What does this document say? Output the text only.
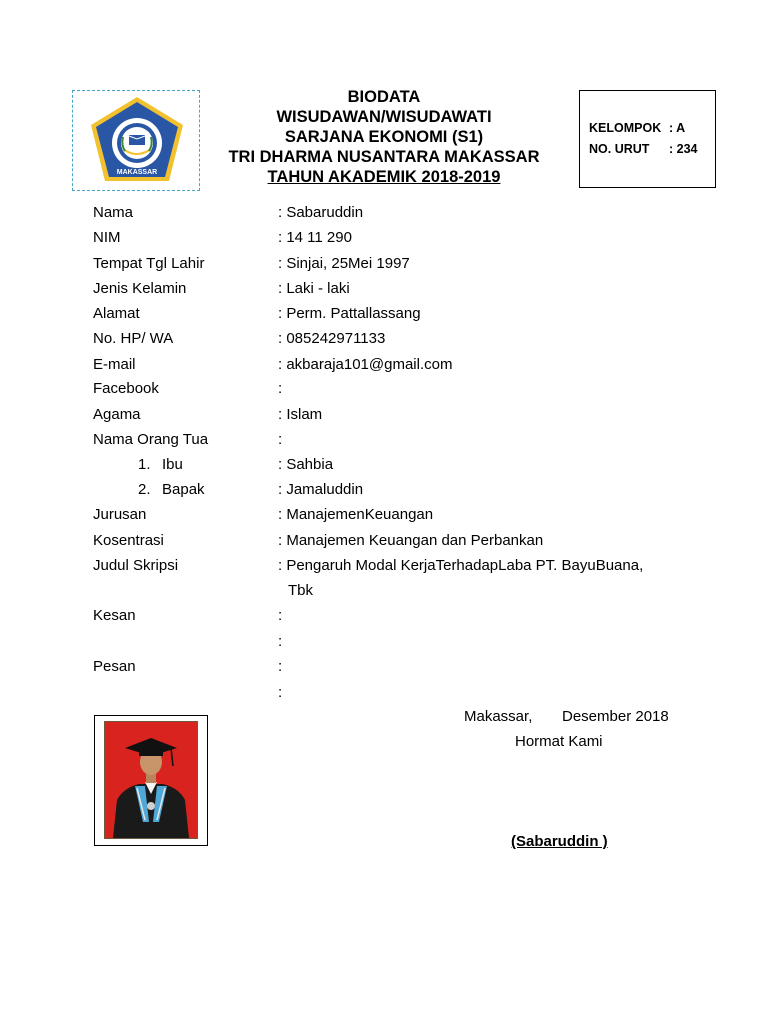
MAKASSAR
BIODATA
WISUDAWAN/WISUDAWATI
SARJANA EKONOMI (S1)
TRI DHARMA NUSANTARA MAKASSAR
TAHUN AKADEMIK 2018-2019
KELOMPOK : A
NO. URUT : 234
Nama	: Sabaruddin
NIM	: 14 11 290
Tempat Tgl Lahir	: Sinjai, 25Mei 1997
Jenis Kelamin	: Laki - laki
Alamat	: Perm. Pattallassang
No. HP/ WA	: 085242971133
E-mail	: akbaraja101@gmail.com
Facebook	:
Agama	: Islam
Nama Orang Tua	:
1. Ibu	: Sahbia
2. Bapak	: Jamaluddin
Jurusan	: ManajemenKeuangan
Kosentrasi	: Manajemen Keuangan dan Perbankan
Judul Skripsi	: Pengaruh Modal KerjaTerhadapLaba PT. BayuBuana,
Tbk
Kesan	:
:
Pesan	:
:
Makassar, Desember 2018
Hormat Kami
(Sabaruddin )
